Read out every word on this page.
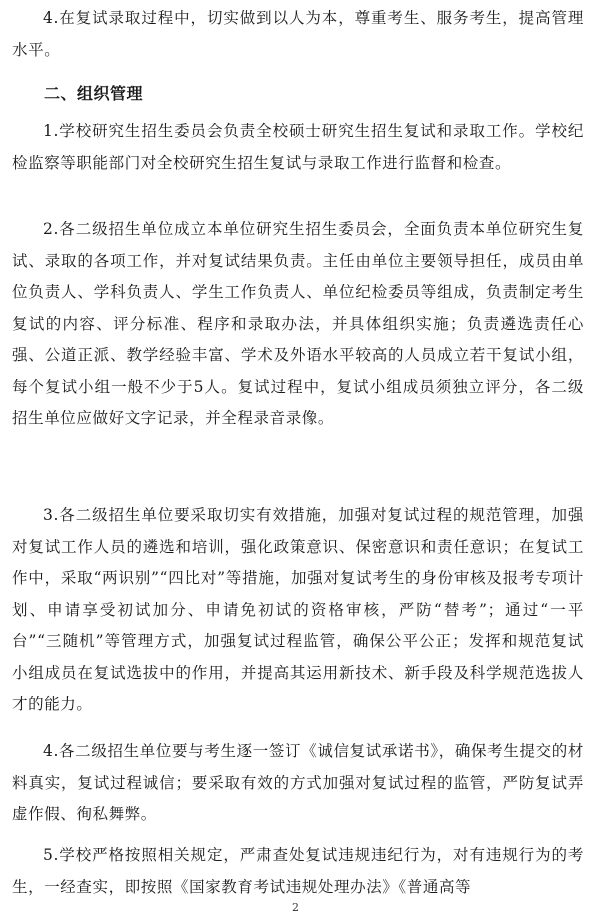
4.在复试录取过程中，切实做到以人为本，尊重考生、服务考生，提高管理水平。

二、组织管理

1.学校研究生招生委员会负责全校硕士研究生招生复试和录取工作。学校纪检监察等职能部门对全校研究生招生复试与录取工作进行监督和检查。

2.各二级招生单位成立本单位研究生招生委员会，全面负责本单位研究生复试、录取的各项工作，并对复试结果负责。主任由单位主要领导担任，成员由单位负责人、学科负责人、学生工作负责人、单位纪检委员等组成，负责制定考生复试的内容、评分标准、程序和录取办法，并具体组织实施；负责遴选责任心强、公道正派、教学经验丰富、学术及外语水平较高的人员成立若干复试小组，每个复试小组一般不少于5人。复试过程中，复试小组成员须独立评分，各二级招生单位应做好文字记录，并全程录音录像。

3.各二级招生单位要采取切实有效措施，加强对复试过程的规范管理，加强对复试工作人员的遴选和培训，强化政策意识、保密意识和责任意识；在复试工作中，采取“两识别”“四比对”等措施，加强对复试考生的身份审核及报考专项计划、申请享受初试加分、申请免初试的资格审核，严防“替考”；通过“一平台”“三随机”等管理方式，加强复试过程监管，确保公平公正；发挥和规范复试小组成员在复试选拔中的作用，并提高其运用新技术、新手段及科学规范选拔人才的能力。

4.各二级招生单位要与考生逐一签订《诚信复试承诺书》，确保考生提交的材料真实，复试过程诚信；要采取有效的方式加强对复试过程的监管，严防复试弄虚作假、徇私舞弊。

5.学校严格按照相关规定，严肃查处复试违规违纪行为，对有违规行为的考生，一经查实，即按照《国家教育考试违规处理办法》《普通高等

2
